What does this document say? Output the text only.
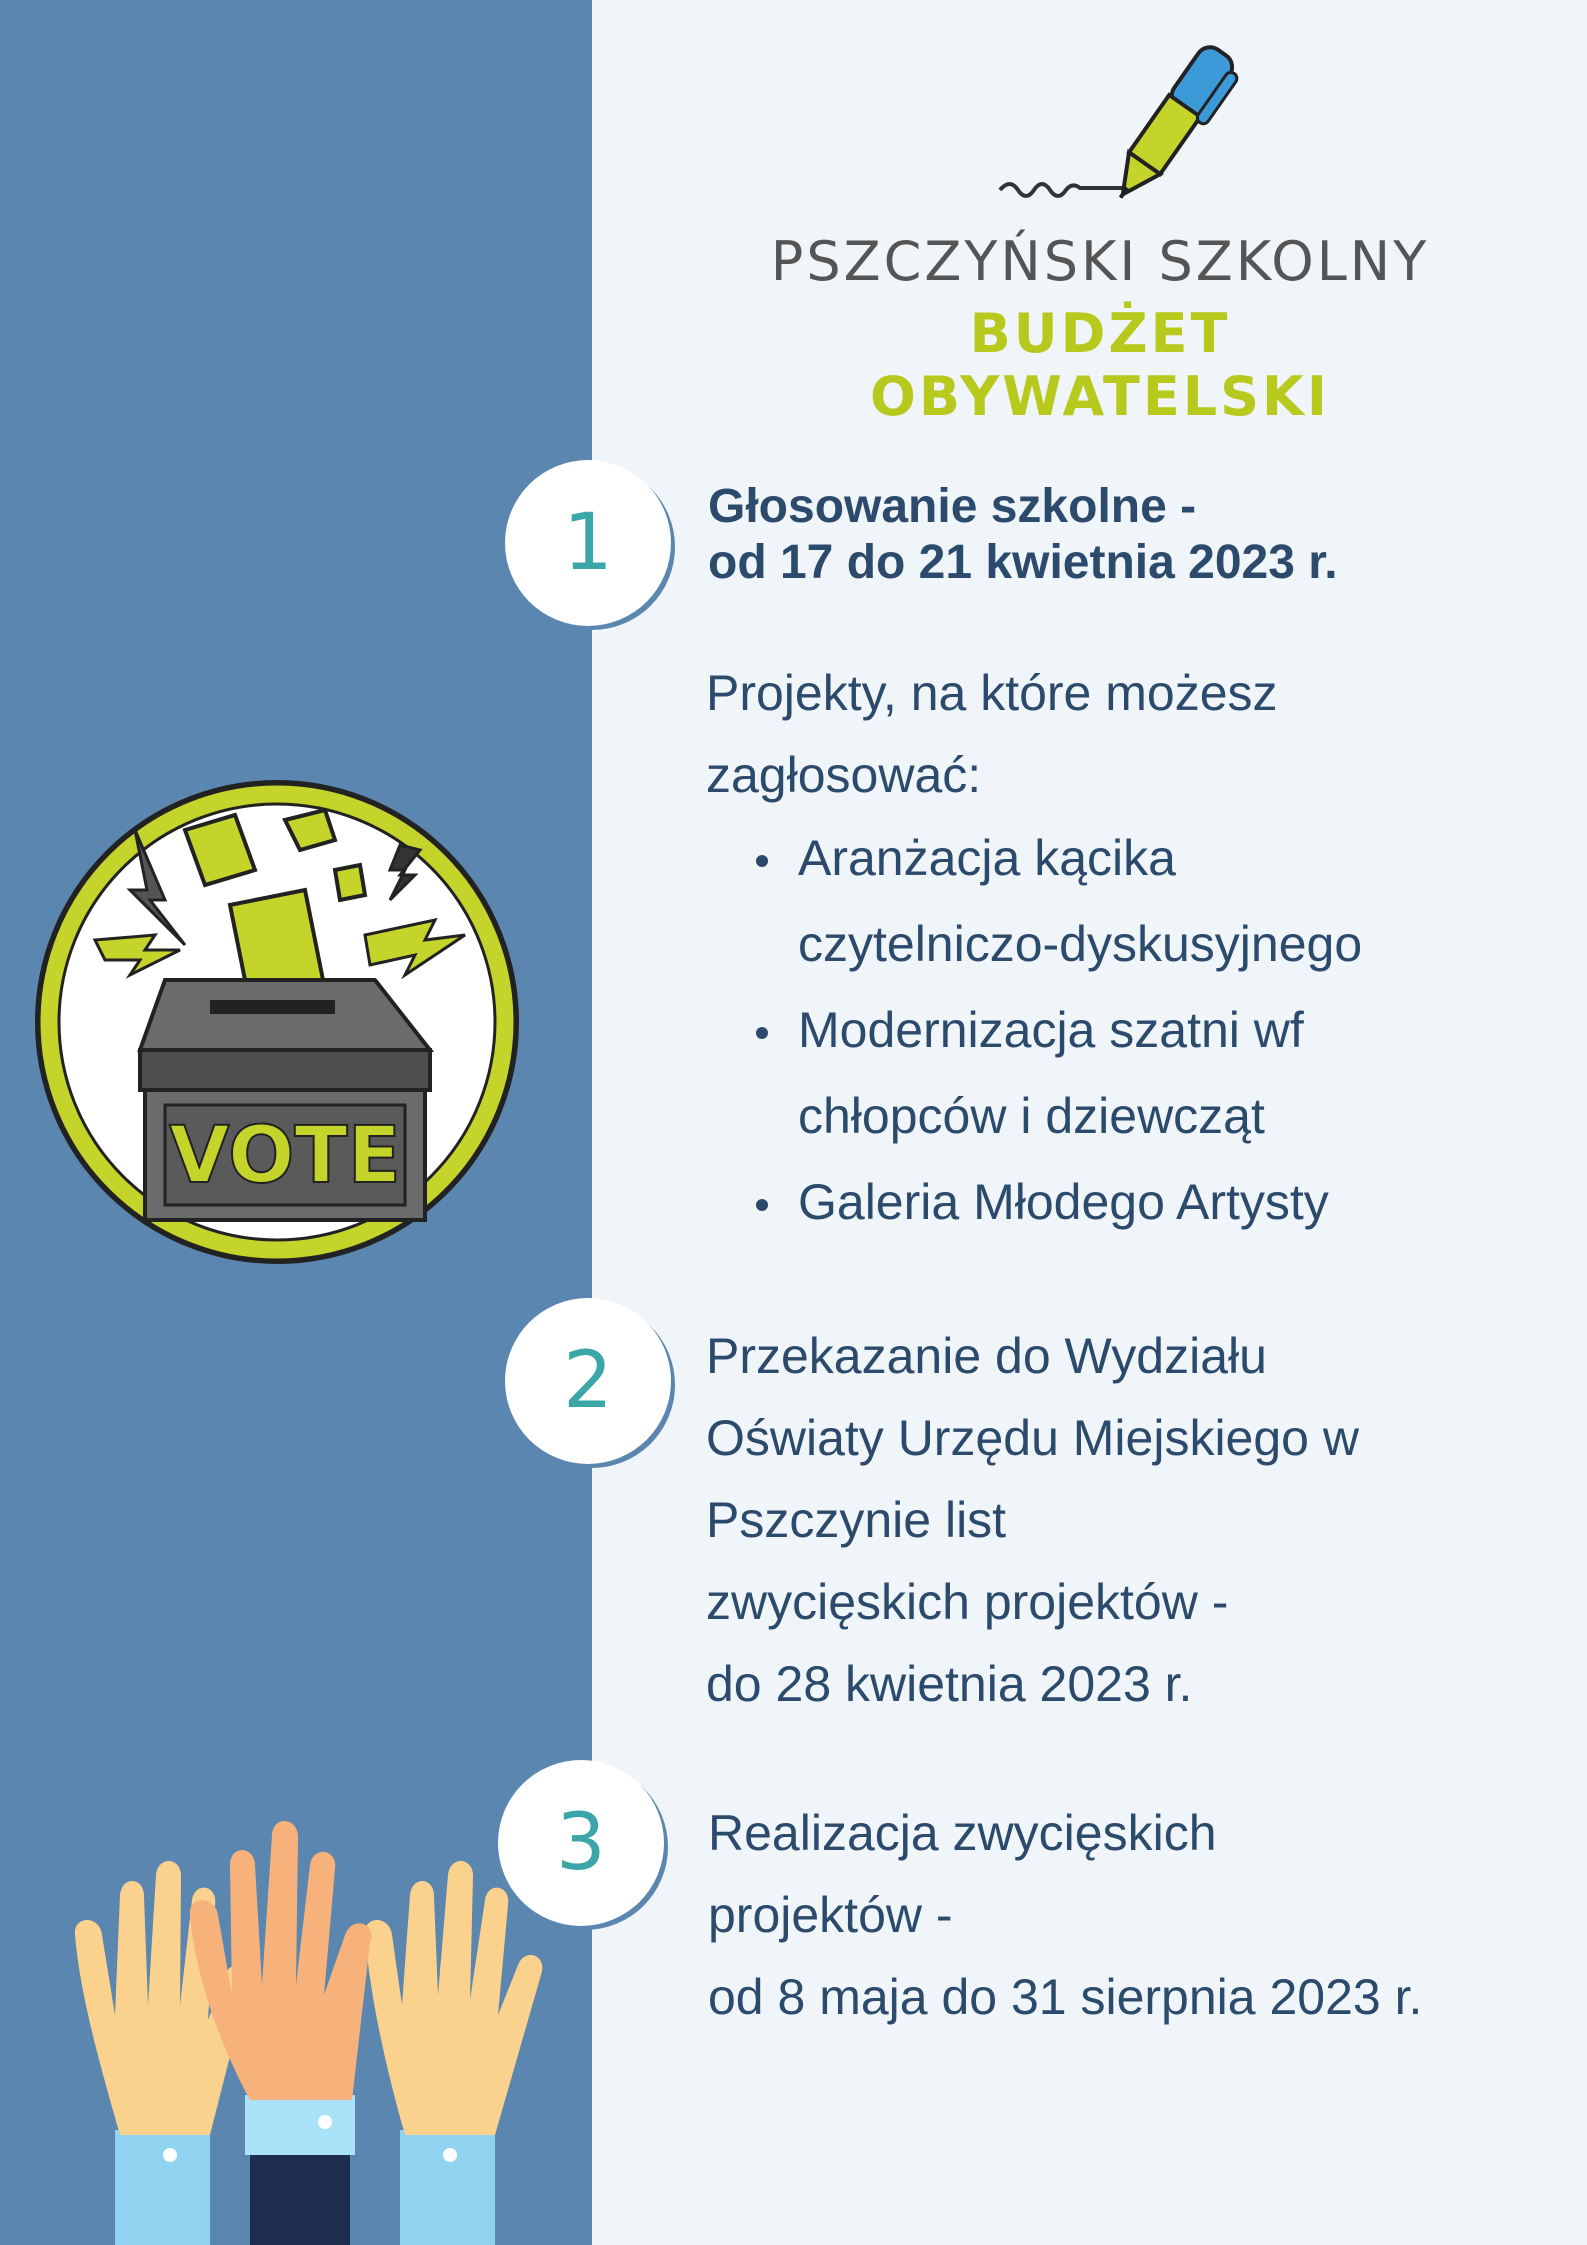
PSZCZYŃSKI SZKOLNY
BUDŻET OBYWATELSKI
VOTE
1	Głosowanie szkolne -
od 17 do 21 kwietnia 2023 r.
Projekty, na które możesz
zagłosować:
Aranżacja kącika
czytelniczo-dyskusyjnego
Modernizacja szatni wf
chłopców i dziewcząt
Galeria Młodego Artysty
2	Przekazanie do Wydziału
Oświaty Urzędu Miejskiego w
Pszczynie list
zwycięskich projektów -
do 28 kwietnia 2023 r.
3	Realizacja zwycięskich
projektów -
od 8 maja do 31 sierpnia 2023 r.
